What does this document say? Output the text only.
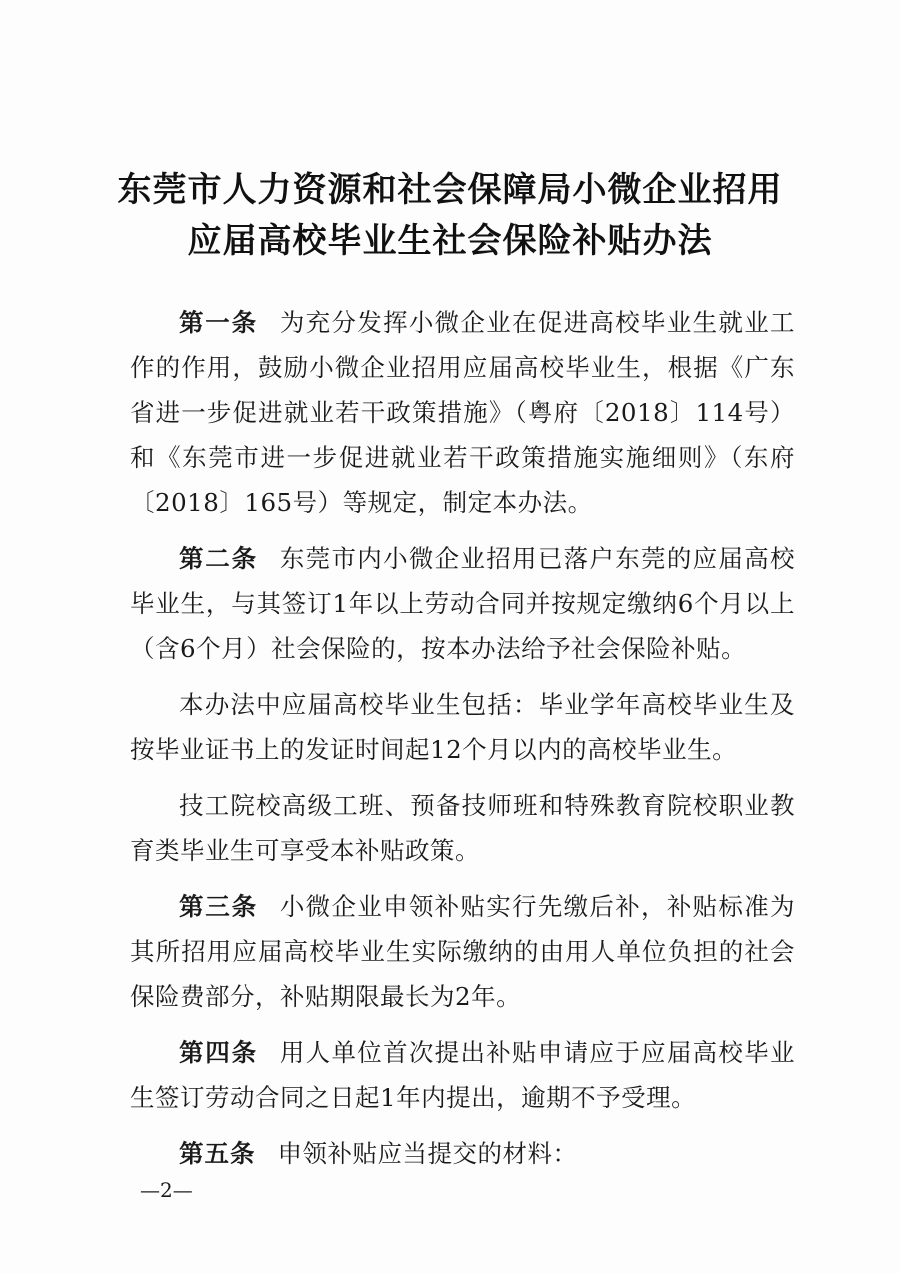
东莞市人力资源和社会保障局小微企业招用
应届高校毕业生社会保险补贴办法

第一条 为充分发挥小微企业在促进高校毕业生就业工作的作用，鼓励小微企业招用应届高校毕业生，根据《广东省进一步促进就业若干政策措施》（粤府〔2018〕114号）和《东莞市进一步促进就业若干政策措施实施细则》（东府〔2018〕165号）等规定，制定本办法。

第二条 东莞市内小微企业招用已落户东莞的应届高校毕业生，与其签订1年以上劳动合同并按规定缴纳6个月以上（含6个月）社会保险的，按本办法给予社会保险补贴。

本办法中应届高校毕业生包括：毕业学年高校毕业生及按毕业证书上的发证时间起12个月以内的高校毕业生。

技工院校高级工班、预备技师班和特殊教育院校职业教育类毕业生可享受本补贴政策。

第三条 小微企业申领补贴实行先缴后补，补贴标准为其所招用应届高校毕业生实际缴纳的由用人单位负担的社会保险费部分，补贴期限最长为2年。

第四条 用人单位首次提出补贴申请应于应届高校毕业生签订劳动合同之日起1年内提出，逾期不予受理。

第五条 申领补贴应当提交的材料：

—2—
